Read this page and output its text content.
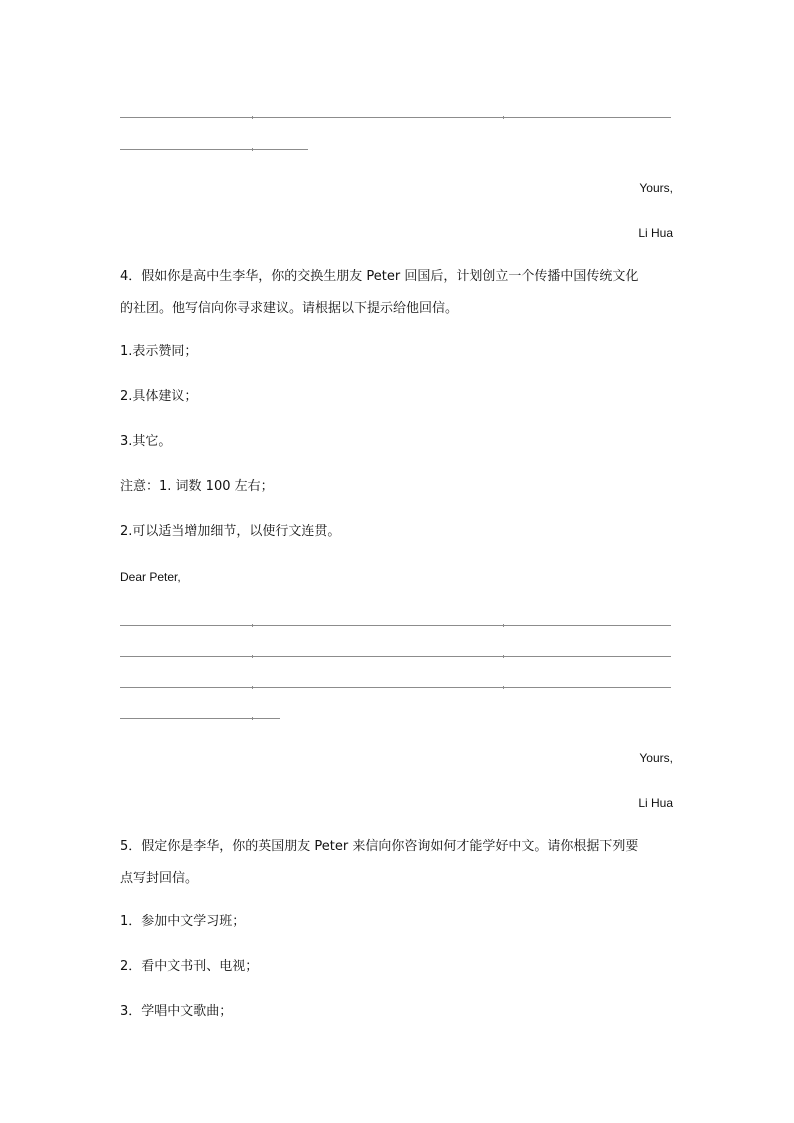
Yours,
Li Hua
4．假如你是高中生李华，你的交换生朋友 Peter 回国后，计划创立一个传播中国传统文化
的社团。他写信向你寻求建议。请根据以下提示给他回信。
1.表示赞同；
2.具体建议；
3.其它。
注意：1. 词数 100 左右；
2.可以适当增加细节，以使行文连贯。
Dear Peter,
Yours,
Li Hua
5．假定你是李华，你的英国朋友 Peter 来信向你咨询如何才能学好中文。请你根据下列要
点写封回信。
1．参加中文学习班；
2．看中文书刊、电视；
3．学唱中文歌曲；
